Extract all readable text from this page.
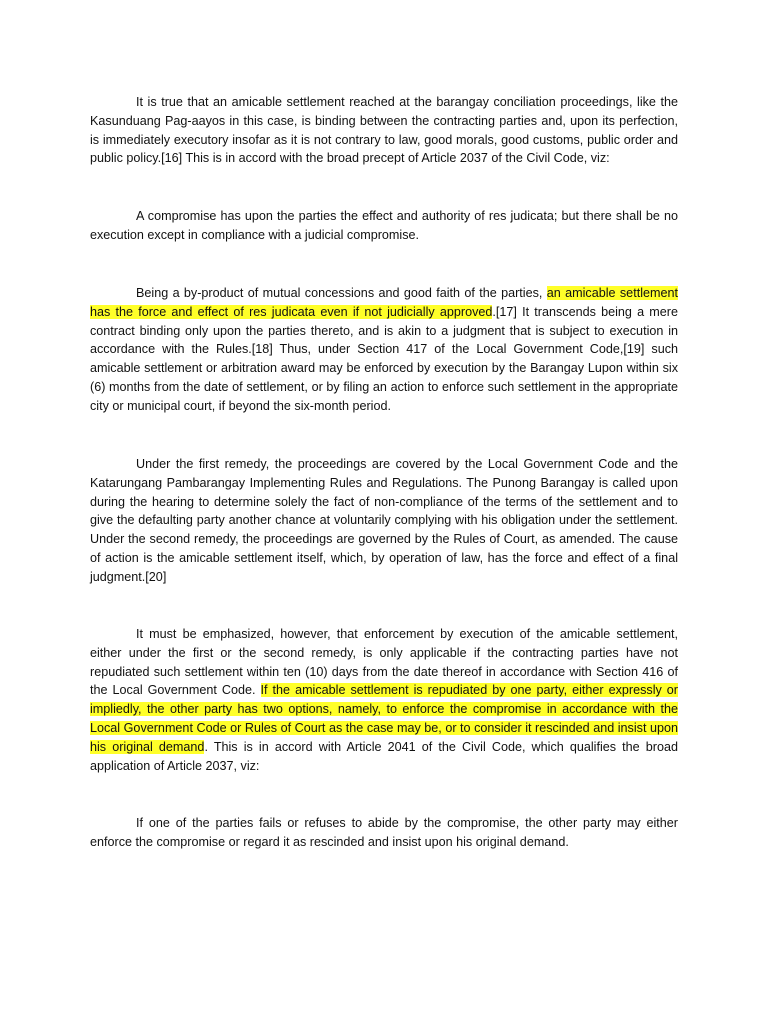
It is true that an amicable settlement reached at the barangay conciliation proceedings, like the Kasunduang Pag-aayos in this case, is binding between the contracting parties and, upon its perfection, is immediately executory insofar as it is not contrary to law, good morals, good customs, public order and public policy.[16] This is in accord with the broad precept of Article 2037 of the Civil Code, viz:

A compromise has upon the parties the effect and authority of res judicata; but there shall be no execution except in compliance with a judicial compromise.

Being a by-product of mutual concessions and good faith of the parties, an amicable settlement has the force and effect of res judicata even if not judicially approved.[17] It transcends being a mere contract binding only upon the parties thereto, and is akin to a judgment that is subject to execution in accordance with the Rules.[18] Thus, under Section 417 of the Local Government Code,[19] such amicable settlement or arbitration award may be enforced by execution by the Barangay Lupon within six (6) months from the date of settlement, or by filing an action to enforce such settlement in the appropriate city or municipal court, if beyond the six-month period.

Under the first remedy, the proceedings are covered by the Local Government Code and the Katarungang Pambarangay Implementing Rules and Regulations. The Punong Barangay is called upon during the hearing to determine solely the fact of non-compliance of the terms of the settlement and to give the defaulting party another chance at voluntarily complying with his obligation under the settlement. Under the second remedy, the proceedings are governed by the Rules of Court, as amended. The cause of action is the amicable settlement itself, which, by operation of law, has the force and effect of a final judgment.[20]

It must be emphasized, however, that enforcement by execution of the amicable settlement, either under the first or the second remedy, is only applicable if the contracting parties have not repudiated such settlement within ten (10) days from the date thereof in accordance with Section 416 of the Local Government Code. If the amicable settlement is repudiated by one party, either expressly or impliedly, the other party has two options, namely, to enforce the compromise in accordance with the Local Government Code or Rules of Court as the case may be, or to consider it rescinded and insist upon his original demand. This is in accord with Article 2041 of the Civil Code, which qualifies the broad application of Article 2037, viz:

If one of the parties fails or refuses to abide by the compromise, the other party may either enforce the compromise or regard it as rescinded and insist upon his original demand.
